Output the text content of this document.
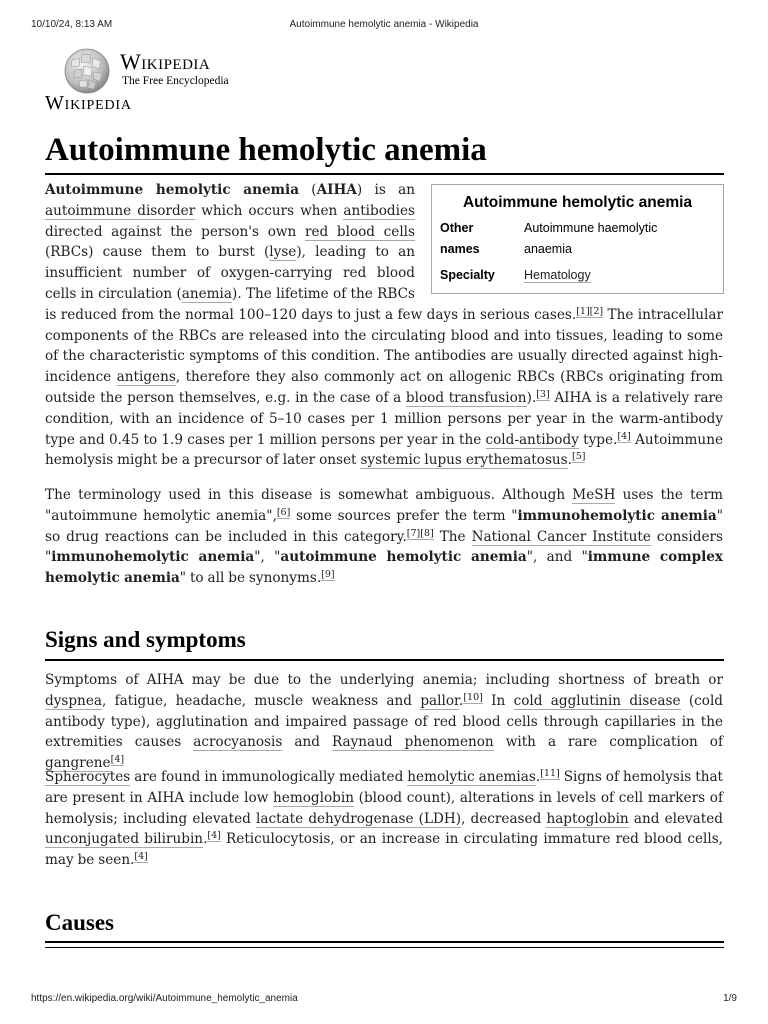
10/10/24, 8:13 AM	Autoimmune hemolytic anemia - Wikipedia
Wikipedia
The Free Encyclopedia
Wikipedia
Autoimmune hemolytic anemia
Autoimmune hemolytic anemia
Other
names
Autoimmune haemolytic anaemia
Specialty Hematology

Autoimmune hemolytic anemia (AIHA) is an autoimmune disorder which occurs when antibodies directed against the person's own red blood cells (RBCs) cause them to burst (lyse), leading to an insufficient number of oxygen-carrying red blood cells in circulation (anemia). The lifetime of the RBCs is reduced from the normal 100–120 days to just a few days in serious cases.[1][2] The intracellular components of the RBCs are released into the circulating blood and into tissues, leading to some of the characteristic symptoms of this condition. The antibodies are usually directed against high-incidence antigens, therefore they also commonly act on allogenic RBCs (RBCs originating from outside the person themselves, e.g. in the case of a blood transfusion).[3] AIHA is a relatively rare condition, with an incidence of 5–10 cases per 1 million persons per year in the warm-antibody type and 0.45 to 1.9 cases per 1 million persons per year in the cold-antibody type.[4] Autoimmune hemolysis might be a precursor of later onset systemic lupus erythematosus.[5]

The terminology used in this disease is somewhat ambiguous. Although MeSH uses the term "autoimmune hemolytic anemia",[6] some sources prefer the term "immunohemolytic anemia" so drug reactions can be included in this category.[7][8] The National Cancer Institute considers "immunohemolytic anemia", "autoimmune hemolytic anemia", and "immune complex hemolytic anemia" to all be synonyms.[9]

Signs and symptoms

Symptoms of AIHA may be due to the underlying anemia; including shortness of breath or dyspnea, fatigue, headache, muscle weakness and pallor.[10] In cold agglutinin disease (cold antibody type), agglutination and impaired passage of red blood cells through capillaries in the extremities causes acrocyanosis and Raynaud phenomenon with a rare complication of gangrene[4]

Spherocytes are found in immunologically mediated hemolytic anemias.[11] Signs of hemolysis that are present in AIHA include low hemoglobin (blood count), alterations in levels of cell markers of hemolysis; including elevated lactate dehydrogenase (LDH), decreased haptoglobin and elevated unconjugated bilirubin.[4] Reticulocytosis, or an increase in circulating immature red blood cells, may be seen.[4]

Causes
https://en.wikipedia.org/wiki/Autoimmune_hemolytic_anemia	1/9
